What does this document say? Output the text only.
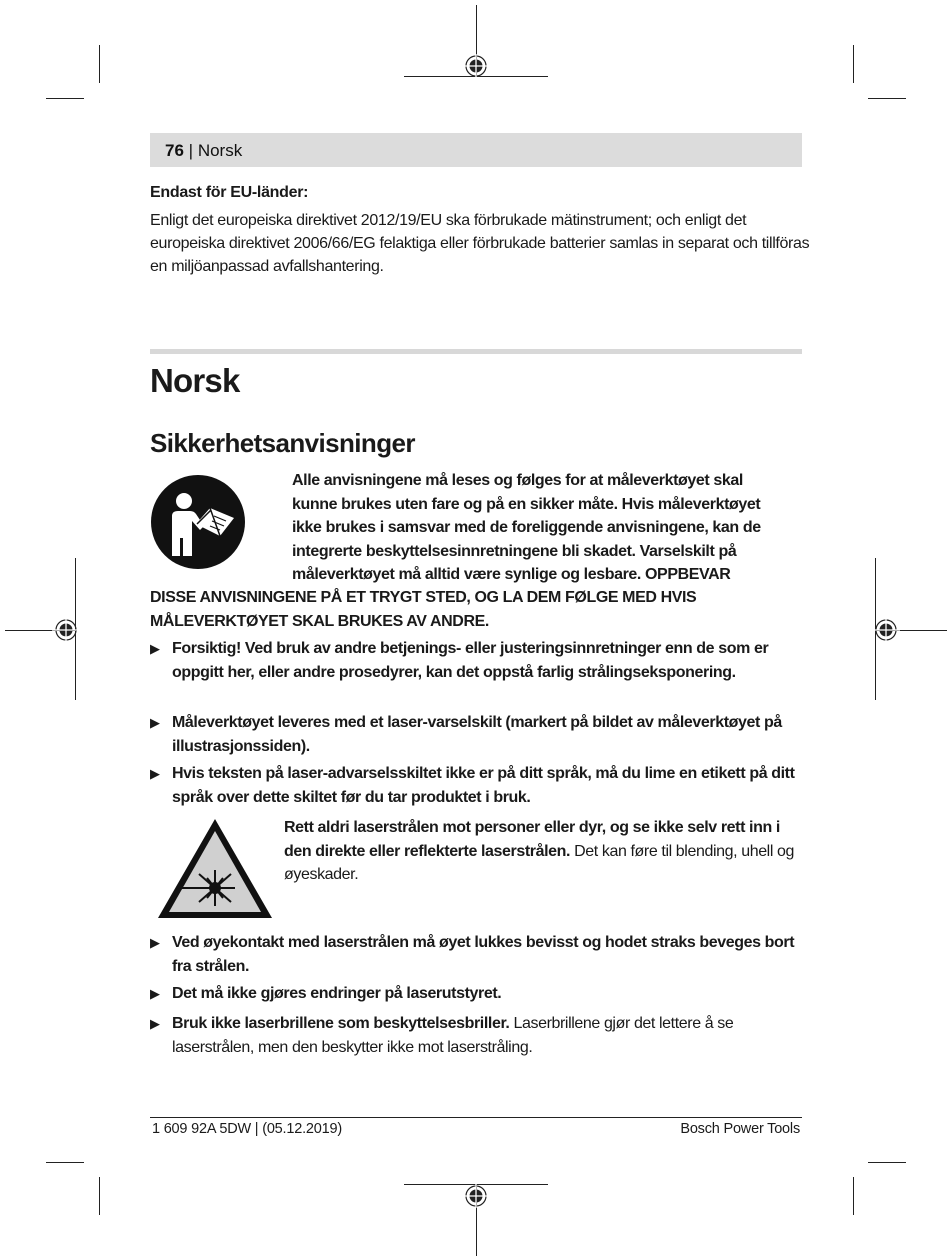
76 | Norsk
Endast för EU-länder:
Enligt det europeiska direktivet 2012/19/EU ska förbrukade mätinstrument; och enligt det europeiska direktivet 2006/66/EG felaktiga eller förbrukade batterier samlas in separat och tillföras en miljöanpassad avfallshantering.
Norsk
Sikkerhetsanvisninger
Alle anvisningene må leses og følges for at måleverktøyet skal
kunne brukes uten fare og på en sikker måte. Hvis måleverktøyet
ikke brukes i samsvar med de foreliggende anvisningene, kan de
integrerte beskyttelsesinnretningene bli skadet. Varselskilt på
måleverktøyet må alltid være synlige og lesbare. OPPBEVAR
DISSE ANVISNINGENE PÅ ET TRYGT STED, OG LA DEM FØLGE MED HVIS
MÅLEVERKTØYET SKAL BRUKES AV ANDRE.
▶ Forsiktig! Ved bruk av andre betjenings- eller justeringsinnretninger enn de som er oppgitt her, eller andre prosedyrer, kan det oppstå farlig strålingseksponering.
▶ Måleverktøyet leveres med et laser-varselskilt (markert på bildet av måleverktøyet på illustrasjonssiden).
▶ Hvis teksten på laser-advarselsskiltet ikke er på ditt språk, må du lime en etikett på ditt språk over dette skiltet før du tar produktet i bruk.
Rett aldri laserstrålen mot personer eller dyr, og se ikke selv rett inn i den direkte eller reflekterte laserstrålen. Det kan føre til blending, uhell og øyeskader.
▶ Ved øyekontakt med laserstrålen må øyet lukkes bevisst og hodet straks beveges bort fra strålen.
▶ Det må ikke gjøres endringer på laserutstyret.
▶ Bruk ikke laserbrillene som beskyttelsesbriller. Laserbrillene gjør det lettere å se laserstrålen, men den beskytter ikke mot laserstråling.
1 609 92A 5DW | (05.12.2019)	Bosch Power Tools
